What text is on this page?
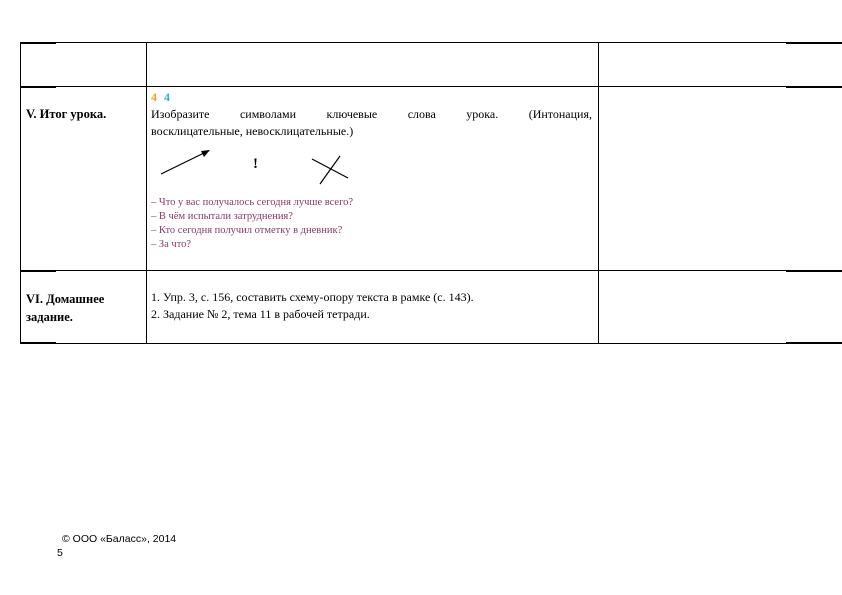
V. Итог урока.
4 4
Изобразите символами ключевые слова урока. (Интонация,
восклицательные, невосклицательные.)
!
– Что у вас получалось сегодня лучше всего?
– В чём испытали затруднения?
– Кто сегодня получил отметку в дневник?
– За что?
VI. Домашнее
задание.
1. Упр. 3, с. 156, составить схему-опору текста в рамке (с. 143).
2. Задание № 2, тема 11 в рабочей тетради.
© ООО «Баласс», 2014
5
